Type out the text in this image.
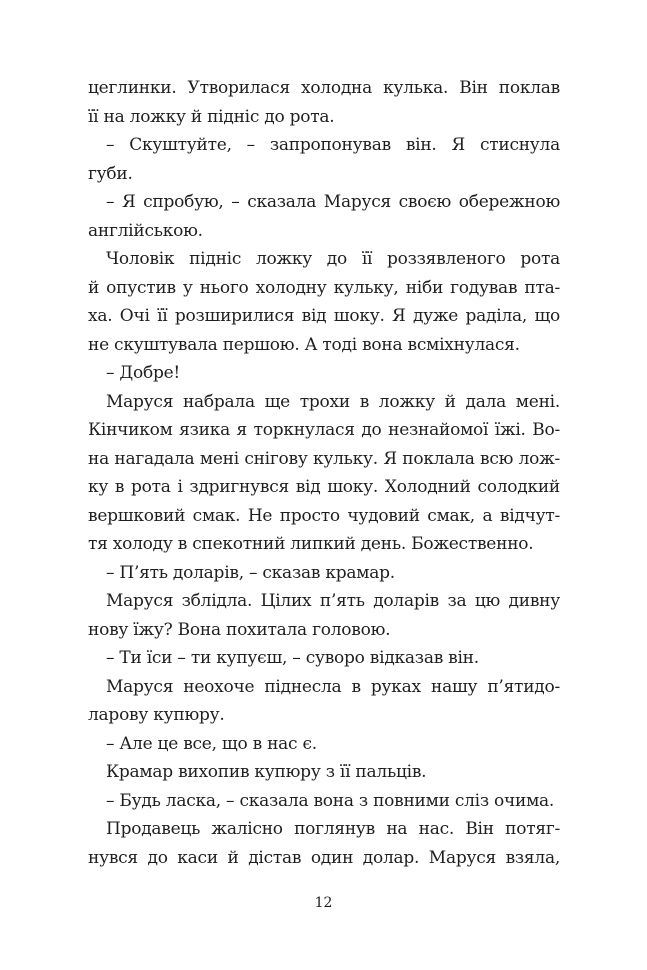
цеглинки. Утворилася холодна кулька. Він поклав
її на ложку й підніс до рота.
– Скуштуйте, – запропонував він. Я стиснула
губи.
– Я спробую, – сказала Маруся своєю обережною
англійською.
Чоловік підніс ложку до її роззявленого рота
й опустив у нього холодну кульку, ніби годував пта-
ха. Очі її розширилися від шоку. Я дуже раділа, що
не скуштувала першою. А тоді вона всміхнулася.
– Добре!
Маруся набрала ще трохи в ложку й дала мені.
Кінчиком язика я торкнулася до незнайомої їжі. Во-
на нагадала мені снігову кульку. Я поклала всю лож-
ку в рота і здригнувся від шоку. Холодний солодкий
вершковий смак. Не просто чудовий смак, а відчут-
тя холоду в спекотний липкий день. Божественно.
– П’ять доларів, – сказав крамар.
Маруся зблідла. Цілих п’ять доларів за цю дивну
нову їжу? Вона похитала головою.
– Ти їси – ти купуєш, – суворо відказав він.
Маруся неохоче піднесла в руках нашу п’ятидо-
ларову купюру.
– Але це все, що в нас є.
Крамар вихопив купюру з її пальців.
– Будь ласка, – сказала вона з повними сліз очима.
Продавець жалісно поглянув на нас. Він потяг-
нувся до каси й дістав один долар. Маруся взяла,
12
